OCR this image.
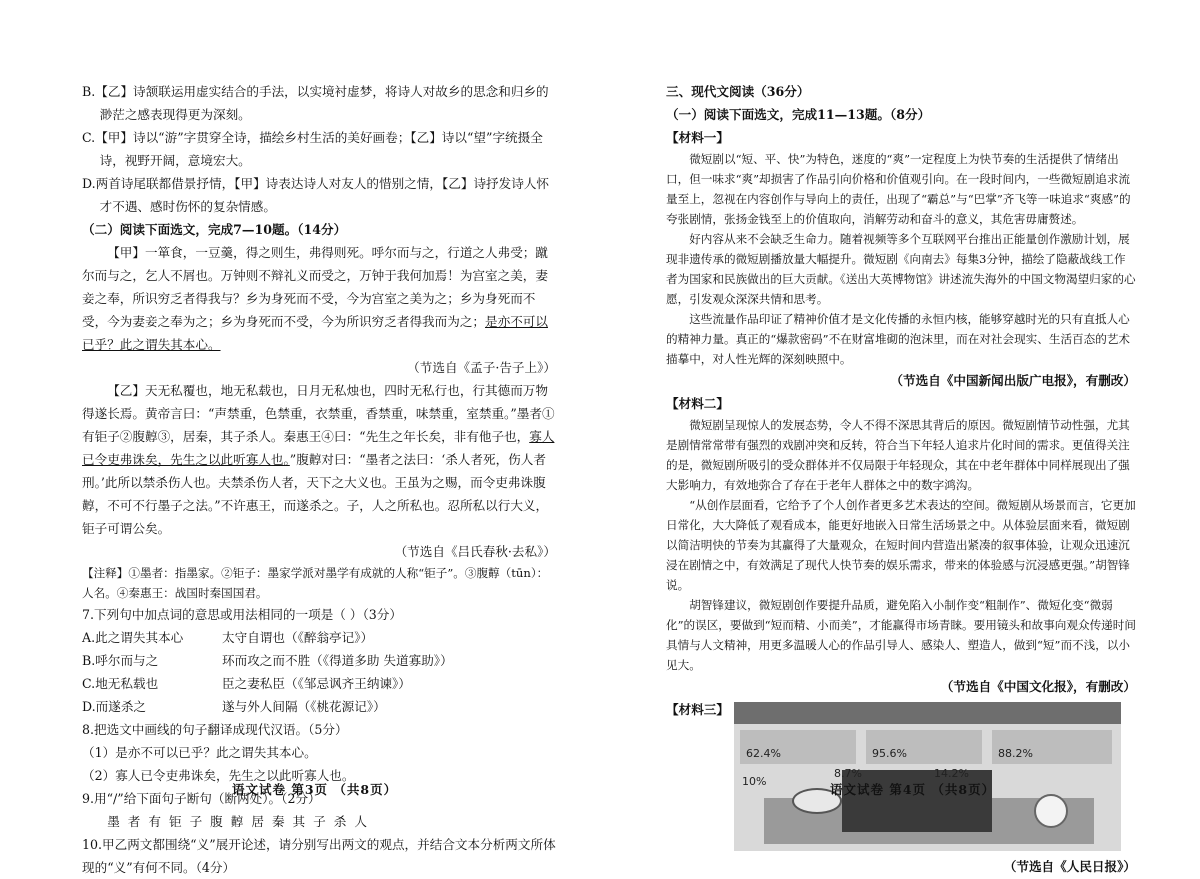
B.【乙】诗颔联运用虚实结合的手法，以实境衬虚梦，将诗人对故乡的思念和归乡的渺茫之感表现得更为深刻。

C.【甲】诗以“游”字贯穿全诗，描绘乡村生活的美好画卷；【乙】诗以“望”字统摄全诗，视野开阔，意境宏大。

D.两首诗尾联都借景抒情，【甲】诗表达诗人对友人的惜别之情，【乙】诗抒发诗人怀才不遇、感时伤怀的复杂情感。

（二）阅读下面选文，完成7—10题。（14分）

【甲】一箪食，一豆羹，得之则生，弗得则死。呼尔而与之，行道之人弗受；蹴尔而与之，乞人不屑也。万钟则不辩礼义而受之，万钟于我何加焉！为宫室之美，妻妾之奉，所识穷乏者得我与？乡为身死而不受，今为宫室之美为之；乡为身死而不受，今为妻妾之奉为之；乡为身死而不受，今为所识穷乏者得我而为之；是亦不可以已乎？此之谓失其本心。

（节选自《孟子·告子上》）

【乙】天无私覆也，地无私载也，日月无私烛也，四时无私行也，行其德而万物得遂长焉。黄帝言曰：“声禁重，色禁重，衣禁重，香禁重，味禁重，室禁重。”墨者①有钜子②腹䵍③，居秦，其子杀人。秦惠王④曰：“先生之年长矣，非有他子也，寡人已令吏弗诛矣，先生之以此听寡人也。”腹䵍对曰：“墨者之法曰：‘杀人者死，伤人者刑。’此所以禁杀伤人也。夫禁杀伤人者，天下之大义也。王虽为之赐，而令吏弗诛腹䵍，不可不行墨子之法。”不许惠王，而遂杀之。子，人之所私也。忍所私以行大义，钜子可谓公矣。

（节选自《吕氏春秋·去私》）

【注释】①墨者：指墨家。②钜子：墨家学派对墨学有成就的人称“钜子”。③腹䵍（tūn）：人名。④秦惠王：战国时秦国国君。

7.下列句中加点词的意思或用法相同的一项是（ ）（3分）

A.此之谓失其本心	太守自谓也（《醉翁亭记》）
B.呼尔而与之	环而攻之而不胜（《得道多助 失道寡助》）
C.地无私载也	臣之妻私臣（《邹忌讽齐王纳谏》）
D.而遂杀之	遂与外人间隔（《桃花源记》）

8.把选文中画线的句子翻译成现代汉语。（5分）

（1）是亦不可以已乎？此之谓失其本心。

（2）寡人已令吏弗诛矣，先生之以此听寡人也。

9.用“/”给下面句子断句（断两处）。（2分）

墨者有钜子腹䵍居秦其子杀人

10.甲乙两文都围绕“义”展开论述，请分别写出两文的观点，并结合文本分析两文所体现的“义”有何不同。（4分）

语文试卷 第3页 （共8页）

三、现代文阅读（36分）

（一）阅读下面选文，完成11—13题。（8分）

【材料一】

微短剧以“短、平、快”为特色，迷度的“爽”一定程度上为快节奏的生活提供了情绪出口，但一味求“爽”却损害了作品引向价格和价值观引向。在一段时间内，一些微短剧追求流量至上，忽视在内容创作与导向上的责任，出现了“霸总”与“巴掌”齐飞等一味追求“爽感”的夸张剧情，张扬金钱至上的价值取向，消解劳动和奋斗的意义，其危害毋庸赘述。

好内容从来不会缺乏生命力。随着视频等多个互联网平台推出正能量创作激励计划，展现非遗传承的微短剧播放量大幅提升。微短剧《向南去》每集3分钟，描绘了隐蔽战线工作者为国家和民族做出的巨大贡献。《送出大英博物馆》讲述流失海外的中国文物渴望归家的心愿，引发观众深深共情和思考。

这些流量作品印证了精神价值才是文化传播的永恒内核，能够穿越时光的只有直抵人心的精神力量。真正的“爆款密码”不在财富堆砌的泡沫里，而在对社会现实、生活百态的艺术描摹中，对人性光辉的深刻映照中。

（节选自《中国新闻出版广电报》，有删改）

【材料二】

微短剧呈现惊人的发展态势，令人不得不深思其背后的原因。微短剧情节动性强，尤其是剧情常常带有强烈的戏剧冲突和反转，符合当下年轻人追求片化时间的需求。更值得关注的是，微短剧所吸引的受众群体并不仅局限于年轻现众，其在中老年群体中同样展现出了强大影响力，有效地弥合了存在于老年人群体之中的数字鸿沟。

“从创作层面看，它给予了个人创作者更多艺术表达的空间。微短剧从场景而言，它更加日常化，大大降低了观看成本，能更好地嵌入日常生活场景之中。从体验层面来看，微短剧以简洁明快的节奏为其赢得了大量观众，在短时间内营造出紧凑的叙事体验，让观众迅速沉浸在剧情之中，有效满足了现代人快节奏的娱乐需求，带来的体验感与沉浸感更强。”胡智锋说。

胡智锋建议，微短剧创作要提升品质，避免陷入小制作变“粗制作”、微短化变“微弱化”的误区，要做到“短而精、小而美”，才能赢得市场青睐。要用镜头和故事向观众传递时间具情与人文精神，用更多温暖人心的作品引导人、感染人、塑造人，做到“短”而不浅，以小见大。

（节选自《中国文化报》，有删改）

【材料三】
62.4%	95.6%	88.2%
10%
8.7%	14.2%

（节选自《人民日报》）

语文试卷 第4页 （共8页）
